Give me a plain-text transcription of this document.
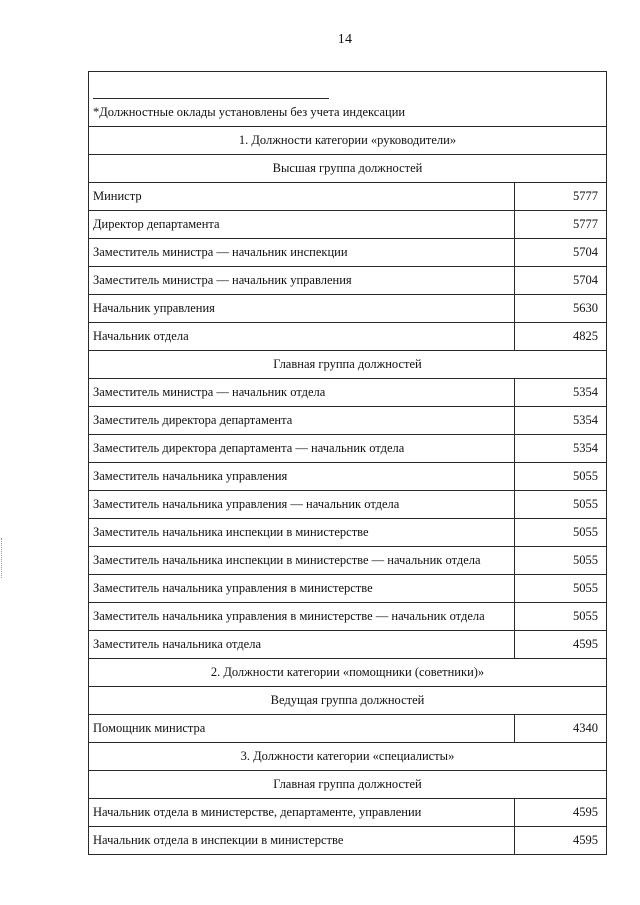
14
*Должностные оклады установлены без учета индексации	
1. Должности категории «руководители»	
Высшая группа должностей	
Министр	5777
Директор департамента	5777
Заместитель министра — начальник инспекции	5704
Заместитель министра — начальник управления	5704
Начальник управления	5630
Начальник отдела	4825
Главная группа должностей	
Заместитель министра — начальник отдела	5354
Заместитель директора департамента	5354
Заместитель директора департамента — начальник отдела	5354
Заместитель начальника управления	5055
Заместитель начальника управления — начальник отдела	5055
Заместитель начальника инспекции в министерстве	5055
Заместитель начальника инспекции в министерстве — начальник отдела	5055
Заместитель начальника управления в министерстве	5055
Заместитель начальника управления в министерстве — начальник отдела	5055
Заместитель начальника отдела	4595
2. Должности категории «помощники (советники)»	
Ведущая группа должностей	
Помощник министра	4340
3. Должности категории «специалисты»	
Главная группа должностей	
Начальник отдела в министерстве, департаменте, управлении	4595
Начальник отдела в инспекции в министерстве	4595
